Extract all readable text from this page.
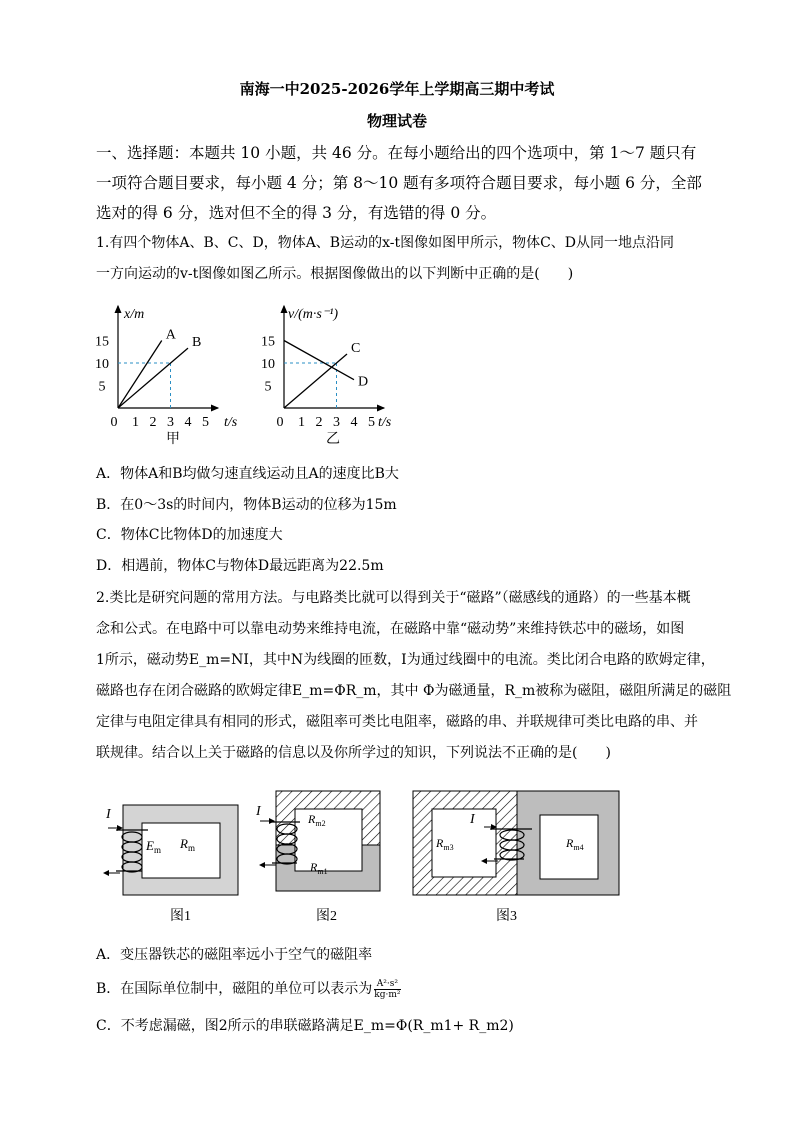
南海一中2025-2026学年上学期高三期中考试
物理试卷
一、选择题：本题共 10 小题，共 46 分。在每小题给出的四个选项中，第 1～7 题只有
一项符合题目要求，每小题 4 分；第 8～10 题有多项符合题目要求，每小题 6 分，全部
选对的得 6 分，选对但不全的得 3 分，有选错的得 0 分。
1.有四个物体A、B、C、D，物体A、B运动的x-t图像如图甲所示，物体C、D从同一地点沿同
一方向运动的v-t图像如图乙所示。根据图像做出的以下判断中正确的是(　　)
x/m
5
10
15
0 1 2 3 4 5 t/s
A
B
甲
v/(m·s⁻¹)
5
10
15
0 1 2 3 4 5 t/s
C
D
乙
A．物体A和B均做匀速直线运动且A的速度比B大
B．在0～3s的时间内，物体B运动的位移为15m
C．物体C比物体D的加速度大
D．相遇前，物体C与物体D最远距离为22.5m
2.类比是研究问题的常用方法。与电路类比就可以得到关于“磁路”（磁感线的通路）的一些基本概
念和公式。在电路中可以靠电动势来维持电流，在磁路中靠“磁动势”来维持铁芯中的磁场，如图
1所示，磁动势E_m=NI，其中N为线圈的匝数，I为通过线圈中的电流。类比闭合电路的欧姆定律，
磁路也存在闭合磁路的欧姆定律E_m=ΦR_m，其中 Φ为磁通量，R_m被称为磁阻，磁阻所满足的磁阻
定律与电阻定律具有相同的形式，磁阻率可类比电阻率，磁路的串、并联规律可类比电路的串、并
联规律。结合以上关于磁路的信息以及你所学过的知识，下列说法不正确的是(　　)
I
$E_m$ $R_m$
图1
I	$R_{m2}$
$R_{m1}$
图2
I
$R_{m3}$	$R_{m4}$
图3
A．变压器铁芯的磁阻率远小于空气的磁阻率
B．在国际单位制中，磁阻的单位可以表示为 $\frac{\text{A²·s²}}{\text{kg·m²}}$
C．不考虑漏磁，图2所示的串联磁路满足E_m=Φ(R_m1+ R_m2)
